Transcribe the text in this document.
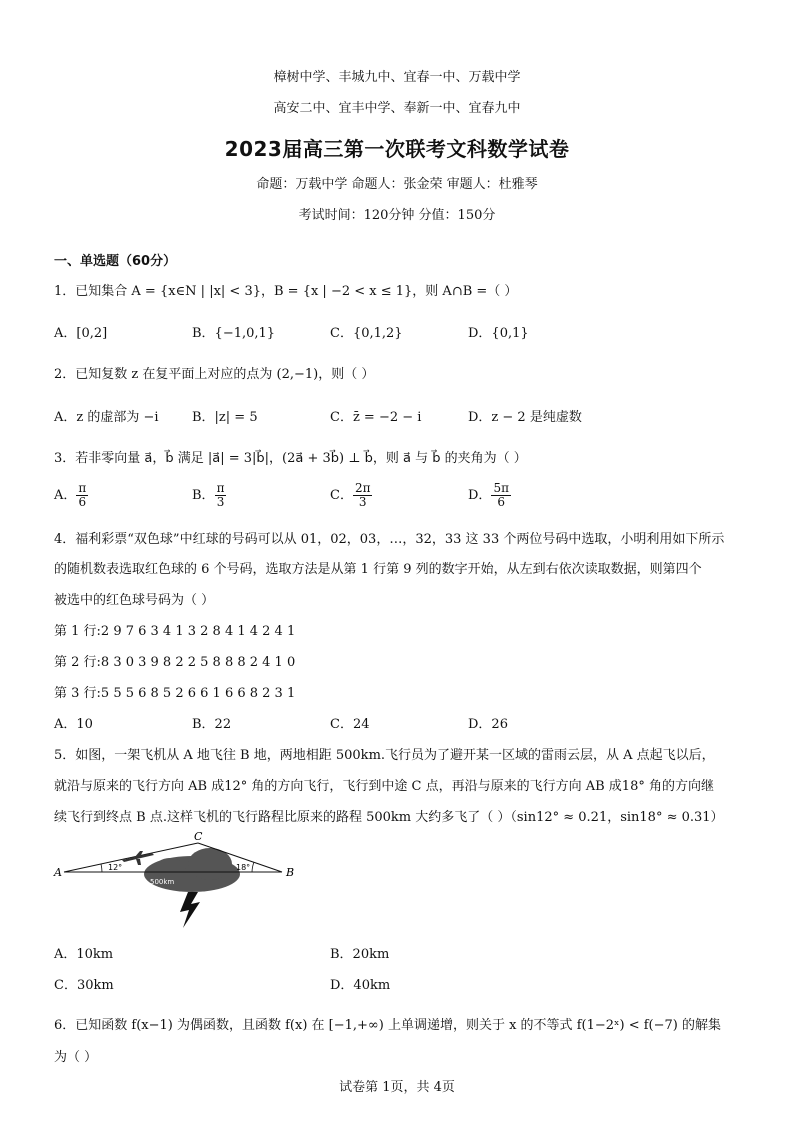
樟树中学、丰城九中、宜春一中、万载中学
高安二中、宜丰中学、奉新一中、宜春九中
2023届高三第一次联考文科数学试卷
命题：万载中学 命题人：张金荣 审题人：杜雅琴
考试时间：120分钟 分值：150分
一、单选题（60分）
1．已知集合 A = {x∈N | |x| < 3}，B = {x | −2 < x ≤ 1}，则 A∩B =（ ）
A．[0,2]	B．{−1,0,1}	C．{0,1,2}	D．{0,1}
2．已知复数 z 在复平面上对应的点为 (2,−1)，则（ ）
A．z 的虚部为 −i	B．|z| = 5	C．z̄ = −2 − i	D．z − 2 是纯虚数
3．若非零向量 a⃗，b⃗ 满足 |a⃗| = 3|b⃗|，(2a⃗ + 3b⃗) ⊥ b⃗，则 a⃗ 与 b⃗ 的夹角为（ ）
A． $\frac{\pi}{6}$	B． $\frac{\pi}{3}$	C． $\frac{2\pi}{3}$	D． $\frac{5\pi}{6}$
4．福利彩票“双色球”中红球的号码可以从 01，02，03，…，32，33 这 33 个两位号码中选取，小明利用如下所示
的随机数表选取红色球的 6 个号码，选取方法是从第 1 行第 9 列的数字开始，从左到右依次读取数据，则第四个
被选中的红色球号码为（ ）
第 1 行:2 9 7 6 3 4 1 3 2 8 4 1 4 2 4 1
第 2 行:8 3 0 3 9 8 2 2 5 8 8 8 2 4 1 0
第 3 行:5 5 5 6 8 5 2 6 6 1 6 6 8 2 3 1
A．10	B．22	C．24	D．26
5．如图，一架飞机从 A 地飞往 B 地，两地相距 500km.飞行员为了避开某一区域的雷雨云层，从 A 点起飞以后，
就沿与原来的飞行方向 AB 成12° 角的方向飞行，飞行到中途 C 点，再沿与原来的飞行方向 AB 成18° 角的方向继
续飞行到终点 B 点.这样飞机的飞行路程比原来的路程 500km 大约多飞了（ ）（sin12° ≈ 0.21，sin18° ≈ 0.31）
A	B
C
12°	18°
500km
A．10km	B．20km
C．30km	D．40km
6．已知函数 f(x−1) 为偶函数，且函数 f(x) 在 [−1,+∞) 上单调递增，则关于 x 的不等式 f(1−2ˣ) < f(−7) 的解集
为（ ）
试卷第 1页，共 4页
